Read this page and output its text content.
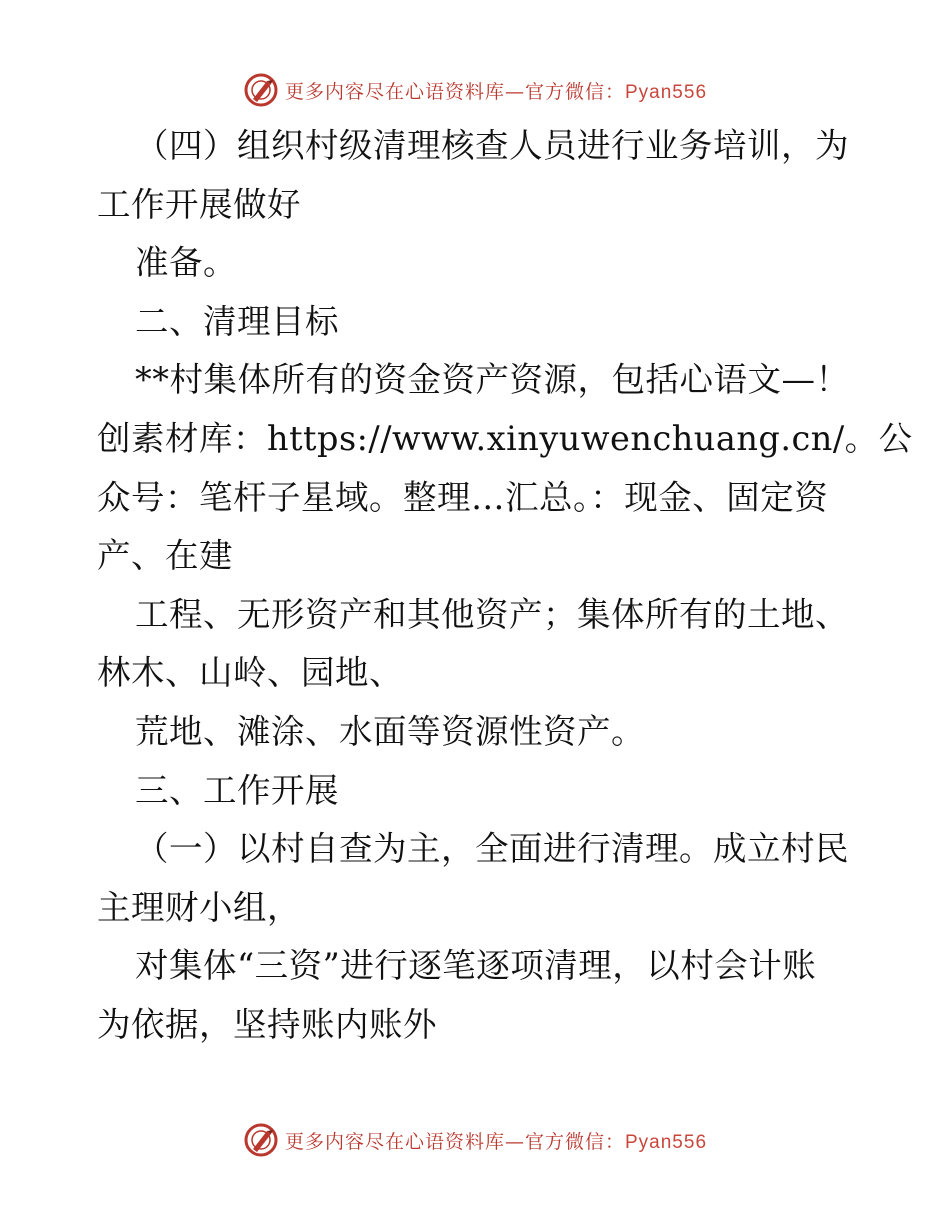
更多内容尽在心语资料库—官方微信：Pyan556
（四）组织村级清理核查人员进行业务培训，为
工作开展做好
准备。
二、清理目标
**村集体所有的资金资产资源，包括心语文—！
创素材库：https://www.xinyuwenchuang.cn/。公
众号：笔杆子星域。整理…汇总。：现金、固定资
产、在建
工程、无形资产和其他资产；集体所有的土地、
林木、山岭、园地、
荒地、滩涂、水面等资源性资产。
三、工作开展
（一）以村自查为主，全面进行清理。成立村民
主理财小组，
对集体“三资”进行逐笔逐项清理，以村会计账
为依据，坚持账内账外
更多内容尽在心语资料库—官方微信：Pyan556
